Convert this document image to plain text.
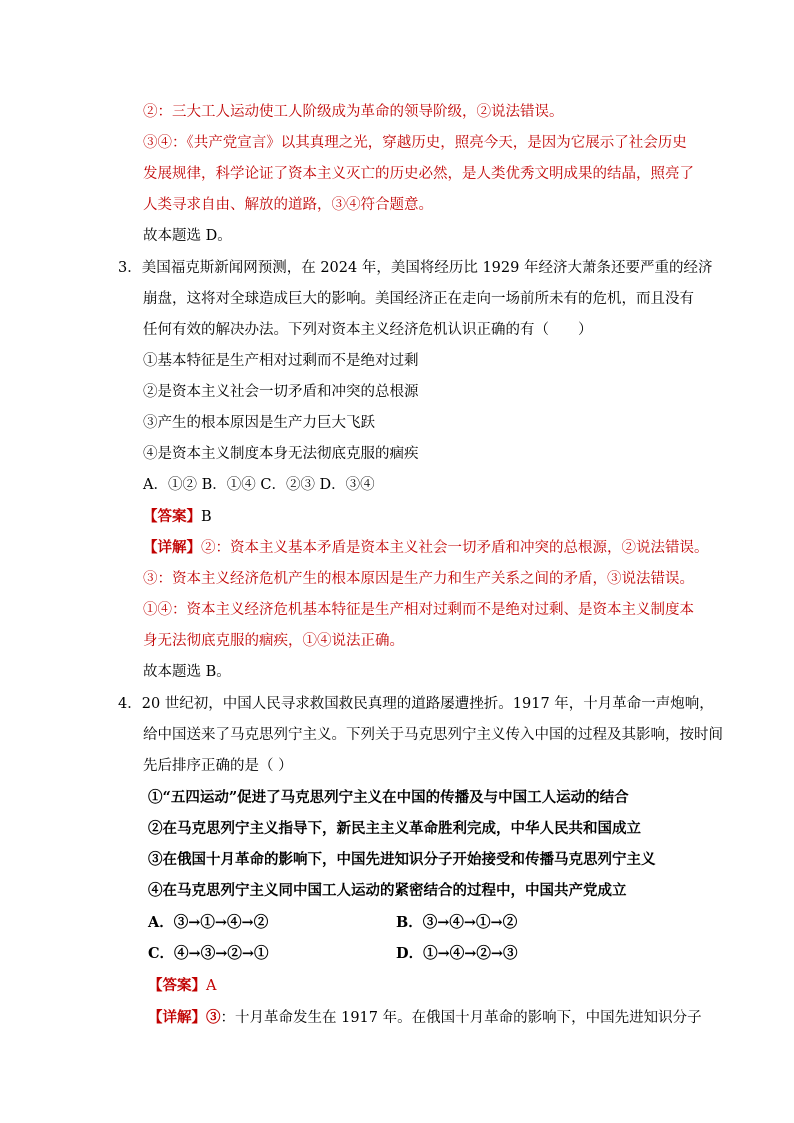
②：三大工人运动使工人阶级成为革命的领导阶级，②说法错误。
③④：《共产党宣言》以其真理之光，穿越历史，照亮今天，是因为它展示了社会历史
发展规律，科学论证了资本主义灭亡的历史必然，是人类优秀文明成果的结晶，照亮了
人类寻求自由、解放的道路，③④符合题意。
故本题选 D。
3．美国福克斯新闻网预测，在 2024 年，美国将经历比 1929 年经济大萧条还要严重的经济
崩盘，这将对全球造成巨大的影响。美国经济正在走向一场前所未有的危机，而且没有
任何有效的解决办法。下列对资本主义经济危机认识正确的有（　　）
①基本特征是生产相对过剩而不是绝对过剩
②是资本主义社会一切矛盾和冲突的总根源
③产生的根本原因是生产力巨大飞跃
④是资本主义制度本身无法彻底克服的痼疾
A．①② B．①④ C．②③ D．③④
【答案】B
【详解】②：资本主义基本矛盾是资本主义社会一切矛盾和冲突的总根源，②说法错误。
③：资本主义经济危机产生的根本原因是生产力和生产关系之间的矛盾，③说法错误。
①④：资本主义经济危机基本特征是生产相对过剩而不是绝对过剩、是资本主义制度本
身无法彻底克服的痼疾，①④说法正确。
故本题选 B。
4．20 世纪初，中国人民寻求救国救民真理的道路屡遭挫折。1917 年，十月革命一声炮响，
给中国送来了马克思列宁主义。下列关于马克思列宁主义传入中国的过程及其影响，按时间
先后排序正确的是（ ）
①“五四运动”促进了马克思列宁主义在中国的传播及与中国工人运动的结合
②在马克思列宁主义指导下，新民主主义革命胜利完成，中华人民共和国成立
③在俄国十月革命的影响下，中国先进知识分子开始接受和传播马克思列宁主义
④在马克思列宁主义同中国工人运动的紧密结合的过程中，中国共产党成立
A．③→①→④→②	B．③→④→①→②
C．④→③→②→①	D．①→④→②→③
【答案】A
【详解】③：十月革命发生在 1917 年。在俄国十月革命的影响下，中国先进知识分子
